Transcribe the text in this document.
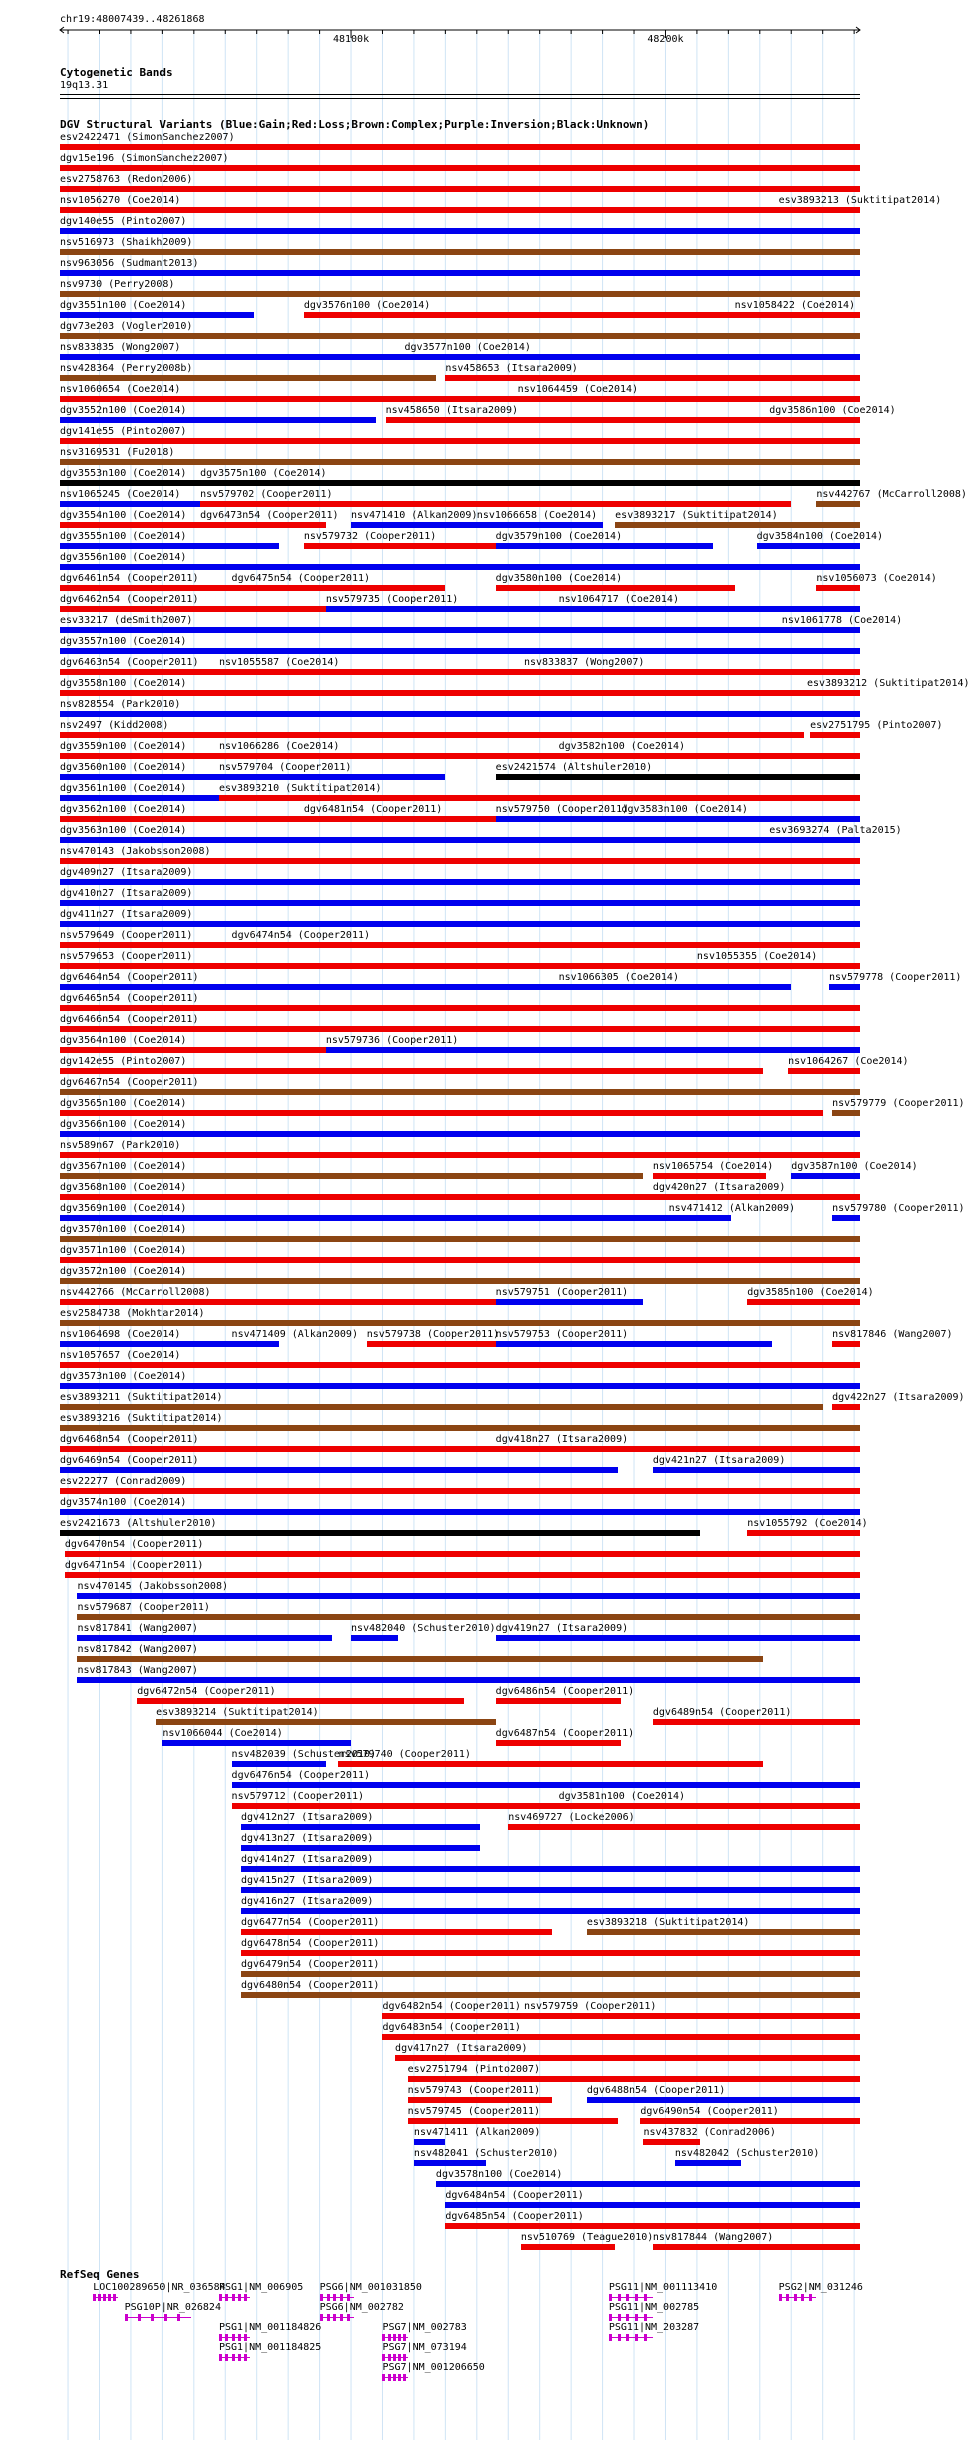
chr19:48007439..48261868
Cytogenetic Bands
19q13.31
DGV Structural Variants (Blue:Gain;Red:Loss;Brown:Complex;Purple:Inversion;Black:Unknown)
esv2422471 (SimonSanchez2007)
dgv15e196 (SimonSanchez2007)
esv2758763 (Redon2006)
nsv1056270 (Coe2014)	esv3893213 (Suktitipat2014)
dgv140e55 (Pinto2007)
nsv516973 (Shaikh2009)
nsv963056 (Sudmant2013)
nsv9730 (Perry2008)
dgv3551n100 (Coe2014)	dgv3576n100 (Coe2014)	nsv1058422 (Coe2014)
dgv73e203 (Vogler2010)
nsv833835 (Wong2007)	dgv3577n100 (Coe2014)
nsv428364 (Perry2008b)	nsv458653 (Itsara2009)
nsv1060654 (Coe2014)	nsv1064459 (Coe2014)
dgv3552n100 (Coe2014)	nsv458650 (Itsara2009)	dgv3586n100 (Coe2014)
dgv141e55 (Pinto2007)
nsv3169531 (Fu2018)
dgv3553n100 (Coe2014) dgv3575n100 (Coe2014)
nsv1065245 (Coe2014) nsv579702 (Cooper2011)	nsv442767 (McCarroll2008)
dgv3554n100 (Coe2014) dgv6473n54 (Cooper2011) nsv471410 (Alkan2009) nsv1066658 (Coe2014) esv3893217 (Suktitipat2014)
dgv3555n100 (Coe2014)	nsv579732 (Cooper2011)	dgv3579n100 (Coe2014)	dgv3584n100 (Coe2014)
dgv3556n100 (Coe2014)
dgv6461n54 (Cooper2011)	dgv6475n54 (Cooper2011)	dgv3580n100 (Coe2014)	nsv1056073 (Coe2014)
dgv6462n54 (Cooper2011)	nsv579735 (Cooper2011)	nsv1064717 (Coe2014)
esv33217 (deSmith2007)	nsv1061778 (Coe2014)
dgv3557n100 (Coe2014)
dgv6463n54 (Cooper2011) nsv1055587 (Coe2014)	nsv833837 (Wong2007)
dgv3558n100 (Coe2014)	esv3893212 (Suktitipat2014)
nsv828554 (Park2010)
nsv2497 (Kidd2008)	esv2751795 (Pinto2007)
dgv3559n100 (Coe2014)	nsv1066286 (Coe2014)	dgv3582n100 (Coe2014)
dgv3560n100 (Coe2014)	nsv579704 (Cooper2011)	esv2421574 (Altshuler2010)
dgv3561n100 (Coe2014)	esv3893210 (Suktitipat2014)
dgv3562n100 (Coe2014)	dgv6481n54 (Cooper2011)	nsv579750 (Cooper2011)
dgv3583n100 (Coe2014)
dgv3563n100 (Coe2014)	esv3693274 (Palta2015)
nsv470143 (Jakobsson2008)
dgv409n27 (Itsara2009)
dgv410n27 (Itsara2009)
dgv411n27 (Itsara2009)
nsv579649 (Cooper2011)	dgv6474n54 (Cooper2011)
nsv579653 (Cooper2011)	nsv1055355 (Coe2014)
dgv6464n54 (Cooper2011)	nsv1066305 (Coe2014)	nsv579778 (Cooper2011)
dgv6465n54 (Cooper2011)
dgv6466n54 (Cooper2011)
dgv3564n100 (Coe2014)	nsv579736 (Cooper2011)
dgv142e55 (Pinto2007)	nsv1064267 (Coe2014)
dgv6467n54 (Cooper2011)
dgv3565n100 (Coe2014)	nsv579779 (Cooper2011)
dgv3566n100 (Coe2014)
nsv589n67 (Park2010)
dgv3567n100 (Coe2014)	nsv1065754 (Coe2014) dgv3587n100 (Coe2014)
dgv3568n100 (Coe2014)	dgv420n27 (Itsara2009)
dgv3569n100 (Coe2014)	nsv471412 (Alkan2009)	nsv579780 (Cooper2011)
dgv3570n100 (Coe2014)
dgv3571n100 (Coe2014)
dgv3572n100 (Coe2014)
nsv442766 (McCarroll2008)	nsv579751 (Cooper2011)	dgv3585n100 (Coe2014)
esv2584738 (Mokhtar2014)
nsv1064698 (Coe2014)	nsv471409 (Alkan2009) nsv579738 (Cooper2011)
nsv579753 (Cooper2011)	nsv817846 (Wang2007)
nsv1057657 (Coe2014)
dgv3573n100 (Coe2014)
esv3893211 (Suktitipat2014)	dgv422n27 (Itsara2009)
esv3893216 (Suktitipat2014)
dgv6468n54 (Cooper2011)	dgv418n27 (Itsara2009)
dgv6469n54 (Cooper2011)	dgv421n27 (Itsara2009)
esv22277 (Conrad2009)
dgv3574n100 (Coe2014)
esv2421673 (Altshuler2010)	nsv1055792 (Coe2014)
dgv6470n54 (Cooper2011)
dgv6471n54 (Cooper2011)
nsv470145 (Jakobsson2008)
nsv579687 (Cooper2011)
nsv817841 (Wang2007)	nsv482040 (Schuster2010) dgv419n27 (Itsara2009)
nsv817842 (Wang2007)
nsv817843 (Wang2007)
dgv6472n54 (Cooper2011)	dgv6486n54 (Cooper2011)
esv3893214 (Suktitipat2014)	dgv6489n54 (Cooper2011)
nsv1066044 (Coe2014)	dgv6487n54 (Cooper2011)
nsv482039 (Schuster2010)
nsv579740 (Cooper2011)
dgv6476n54 (Cooper2011)
nsv579712 (Cooper2011)	dgv3581n100 (Coe2014)
dgv412n27 (Itsara2009)	nsv469727 (Locke2006)
dgv413n27 (Itsara2009)
dgv414n27 (Itsara2009)
dgv415n27 (Itsara2009)
dgv416n27 (Itsara2009)
dgv6477n54 (Cooper2011)	esv3893218 (Suktitipat2014)
dgv6478n54 (Cooper2011)
dgv6479n54 (Cooper2011)
dgv6480n54 (Cooper2011)
dgv6482n54 (Cooper2011) nsv579759 (Cooper2011)
dgv6483n54 (Cooper2011)
dgv417n27 (Itsara2009)
esv2751794 (Pinto2007)
nsv579743 (Cooper2011)	dgv6488n54 (Cooper2011)
nsv579745 (Cooper2011)	dgv6490n54 (Cooper2011)
nsv471411 (Alkan2009)	nsv437832 (Conrad2006)
nsv482041 (Schuster2010)	nsv482042 (Schuster2010)
dgv3578n100 (Coe2014)
dgv6484n54 (Cooper2011)
dgv6485n54 (Cooper2011)
nsv510769 (Teague2010) nsv817844 (Wang2007)
RefSeq Genes
LOC100289650|NR_036584
PSG1|NM_006905 PSG6|NM_001031850	PSG11|NM_001113410	PSG2|NM_031246
PSG10P|NR_026824	PSG6|NM_002782	PSG11|NM_002785
PSG1|NM_001184826	PSG7|NM_002783	PSG11|NM_203287
PSG1|NM_001184825	PSG7|NM_073194
PSG7|NM_001206650
48100k	48200k
